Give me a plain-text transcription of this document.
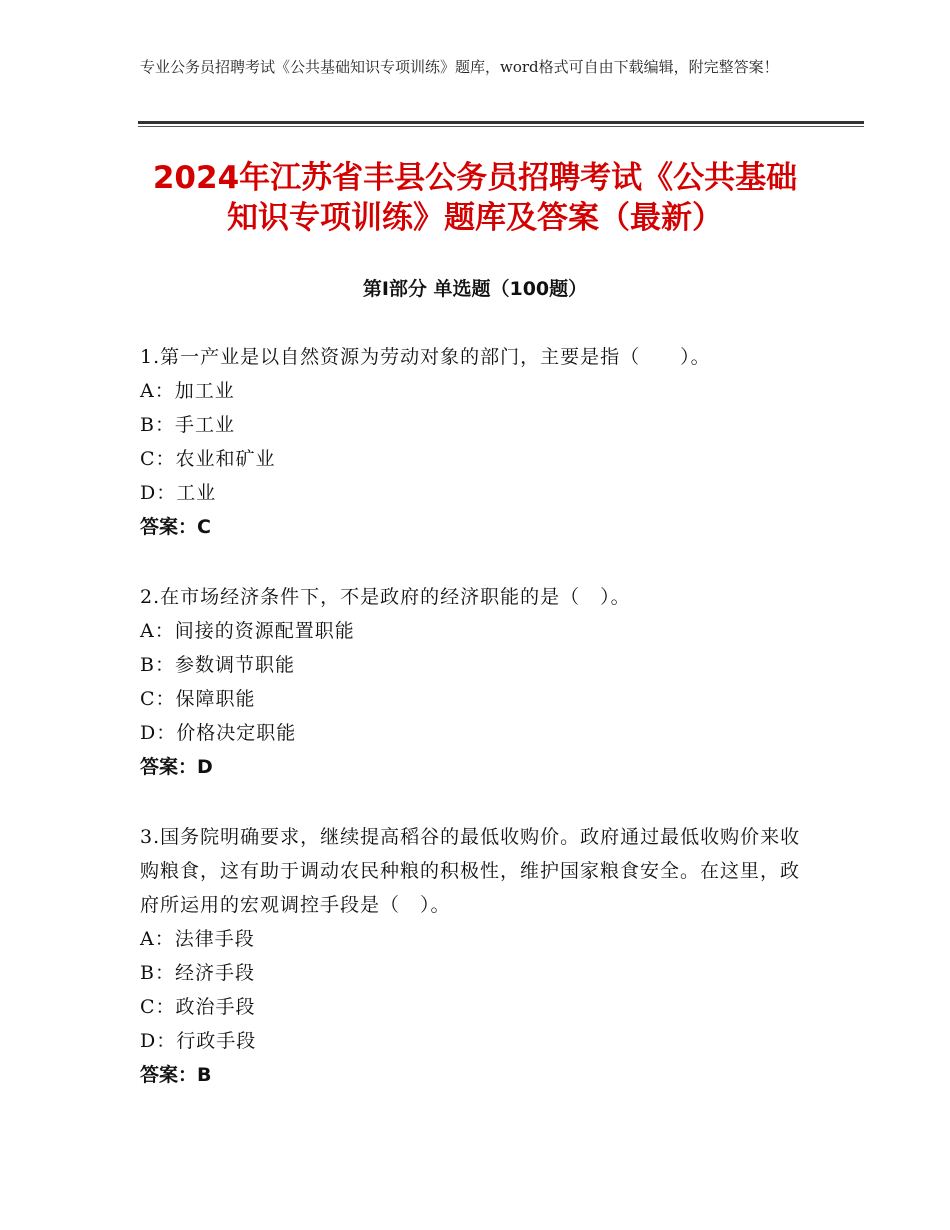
专业公务员招聘考试《公共基础知识专项训练》题库，word格式可自由下载编辑，附完整答案！
2024年江苏省丰县公务员招聘考试《公共基础知识专项训练》题库及答案（最新）
第Ⅰ部分 单选题（100题）
1.第一产业是以自然资源为劳动对象的部门，主要是指（　　）。
A：加工业
B：手工业
C：农业和矿业
D：工业
答案：C
2.在市场经济条件下，不是政府的经济职能的是（　）。
A：间接的资源配置职能
B：参数调节职能
C：保障职能
D：价格决定职能
答案：D
3.国务院明确要求，继续提高稻谷的最低收购价。政府通过最低收购价来收购粮食，这有助于调动农民种粮的积极性，维护国家粮食安全。在这里，政府所运用的宏观调控手段是（　）。
A：法律手段
B：经济手段
C：政治手段
D：行政手段
答案：B
